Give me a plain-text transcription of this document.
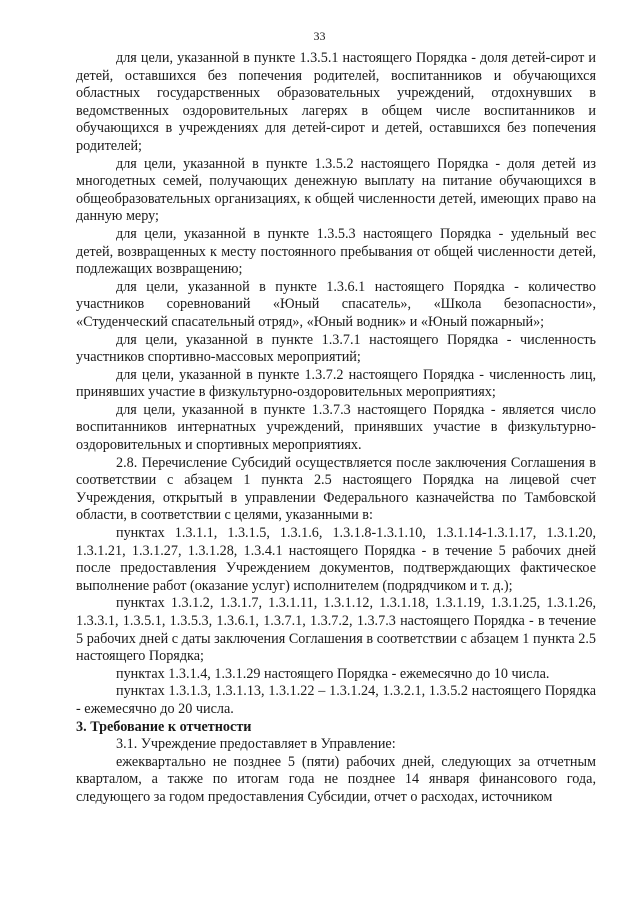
33

для цели, указанной в пункте 1.3.5.1 настоящего Порядка - доля детей-сирот и детей, оставшихся без попечения родителей, воспитанников и обучающихся областных государственных образовательных учреждений, отдохнувших в ведомственных оздоровительных лагерях в общем числе воспитанников и обучающихся в учреждениях для детей-сирот и детей, оставшихся без попечения родителей;

для цели, указанной в пункте 1.3.5.2 настоящего Порядка - доля детей из многодетных семей, получающих денежную выплату на питание обучающихся в общеобразовательных организациях, к общей численности детей, имеющих право на данную меру;

для цели, указанной в пункте 1.3.5.3 настоящего Порядка - удельный вес детей, возвращенных к месту постоянного пребывания от общей численности детей, подлежащих возвращению;

для цели, указанной в пункте 1.3.6.1 настоящего Порядка - количество участников соревнований «Юный спасатель», «Школа безопасности», «Студенческий спасательный отряд», «Юный водник» и «Юный пожарный»;

для цели, указанной в пункте 1.3.7.1 настоящего Порядка - численность участников спортивно-массовых мероприятий;

для цели, указанной в пункте 1.3.7.2 настоящего Порядка - численность лиц, принявших участие в физкультурно-оздоровительных мероприятиях;

для цели, указанной в пункте 1.3.7.3 настоящего Порядка - является число воспитанников интернатных учреждений, принявших участие в физкультурно-оздоровительных и спортивных мероприятиях.

2.8. Перечисление Субсидий осуществляется после заключения Соглашения в соответствии с абзацем 1 пункта 2.5 настоящего Порядка на лицевой счет Учреждения, открытый в управлении Федерального казначейства по Тамбовской области, в соответствии с целями, указанными в:

пунктах 1.3.1.1, 1.3.1.5, 1.3.1.6, 1.3.1.8-1.3.1.10, 1.3.1.14-1.3.1.17, 1.3.1.20, 1.3.1.21, 1.3.1.27, 1.3.1.28, 1.3.4.1 настоящего Порядка - в течение 5 рабочих дней после предоставления Учреждением документов, подтверждающих фактическое выполнение работ (оказание услуг) исполнителем (подрядчиком и т. д.);

пунктах 1.3.1.2, 1.3.1.7, 1.3.1.11, 1.3.1.12, 1.3.1.18, 1.3.1.19, 1.3.1.25, 1.3.1.26, 1.3.3.1, 1.3.5.1, 1.3.5.3, 1.3.6.1, 1.3.7.1, 1.3.7.2, 1.3.7.3 настоящего Порядка - в течение 5 рабочих дней с даты заключения Соглашения в соответствии с абзацем 1 пункта 2.5 настоящего Порядка;

пунктах 1.3.1.4, 1.3.1.29 настоящего Порядка - ежемесячно до 10 числа.

пунктах 1.3.1.3, 1.3.1.13, 1.3.1.22 – 1.3.1.24, 1.3.2.1, 1.3.5.2 настоящего Порядка - ежемесячно до 20 числа.

3. Требование к отчетности

3.1. Учреждение предоставляет в Управление:

ежеквартально не позднее 5 (пяти) рабочих дней, следующих за отчетным кварталом, а также по итогам года не позднее 14 января финансового года, следующего за годом предоставления Субсидии, отчет о расходах, источником
